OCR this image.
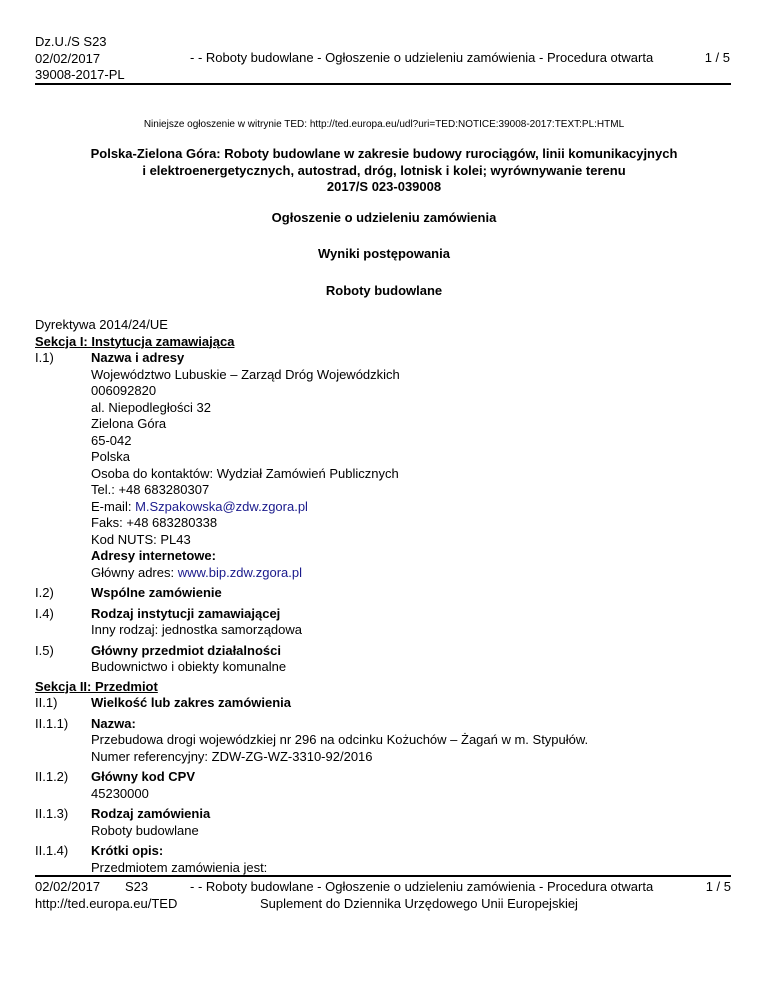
Dz.U./S S23
02/02/2017
39008-2017-PL
- - Roboty budowlane - Ogłoszenie o udzieleniu zamówienia - Procedura otwarta	1 / 5
Niniejsze ogłoszenie w witrynie TED: http://ted.europa.eu/udl?uri=TED:NOTICE:39008-2017:TEXT:PL:HTML
Polska-Zielona Góra: Roboty budowlane w zakresie budowy rurociągów, linii komunikacyjnych
i elektroenergetycznych, autostrad, dróg, lotnisk i kolei; wyrównywanie terenu
2017/S 023-039008
Ogłoszenie o udzieleniu zamówienia
Wyniki postępowania
Roboty budowlane
Dyrektywa 2014/24/UE
Sekcja I: Instytucja zamawiająca
I.1)	Nazwa i adresy
Województwo Lubuskie – Zarząd Dróg Wojewódzkich
006092820
al. Niepodległości 32
Zielona Góra
65-042
Polska
Osoba do kontaktów: Wydział Zamówień Publicznych
Tel.: +48 683280307
E-mail: M.Szpakowska@zdw.zgora.pl
Faks: +48 683280338
Kod NUTS: PL43
Adresy internetowe:
Główny adres: www.bip.zdw.zgora.pl
I.2)	Wspólne zamówienie
I.4)	Rodzaj instytucji zamawiającej
Inny rodzaj: jednostka samorządowa
I.5)	Główny przedmiot działalności
Budownictwo i obiekty komunalne
Sekcja II: Przedmiot
II.1)	Wielkość lub zakres zamówienia
II.1.1)	Nazwa:
Przebudowa drogi wojewódzkiej nr 296 na odcinku Kożuchów – Żagań w m. Stypułów.
Numer referencyjny: ZDW-ZG-WZ-3310-92/2016
II.1.2)	Główny kod CPV
45230000
II.1.3)	Rodzaj zamówienia
Roboty budowlane
II.1.4)	Krótki opis:
Przedmiotem zamówienia jest:
02/02/2017 S23	- - Roboty budowlane - Ogłoszenie o udzieleniu zamówienia - Procedura otwarta	1 / 5
http://ted.europa.eu/TED	Suplement do Dziennika Urzędowego Unii Europejskiej
